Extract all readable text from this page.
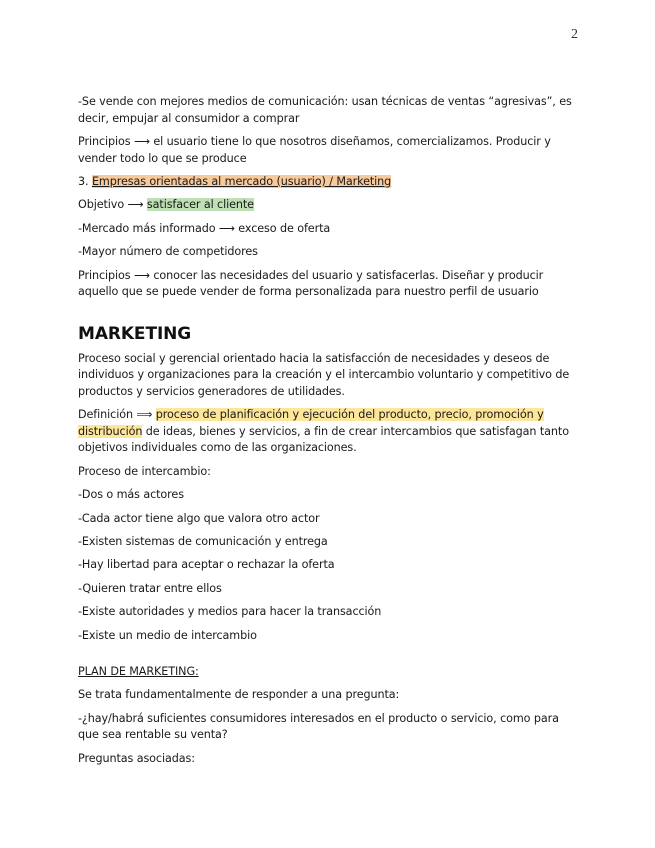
2

-Se vende con mejores medios de comunicación: usan técnicas de ventas “agresivas”, es decir, empujar al consumidor a comprar

Principios ⟶ el usuario tiene lo que nosotros diseñamos, comercializamos. Producir y vender todo lo que se produce

3. Empresas orientadas al mercado (usuario) / Marketing

Objetivo ⟶ satisfacer al cliente

-Mercado más informado ⟶ exceso de oferta

-Mayor número de competidores

Principios ⟶ conocer las necesidades del usuario y satisfacerlas. Diseñar y producir aquello que se puede vender de forma personalizada para nuestro perfil de usuario

MARKETING

Proceso social y gerencial orientado hacia la satisfacción de necesidades y deseos de individuos y organizaciones para la creación y el intercambio voluntario y competitivo de productos y servicios generadores de utilidades.

Definición ⟹ proceso de planificación y ejecución del producto, precio, promoción y distribución de ideas, bienes y servicios, a fin de crear intercambios que satisfagan tanto objetivos individuales como de las organizaciones.

Proceso de intercambio:

-Dos o más actores

-Cada actor tiene algo que valora otro actor

-Existen sistemas de comunicación y entrega

-Hay libertad para aceptar o rechazar la oferta

-Quieren tratar entre ellos

-Existe autoridades y medios para hacer la transacción

-Existe un medio de intercambio

PLAN DE MARKETING:

Se trata fundamentalmente de responder a una pregunta:

-¿hay/habrá suficientes consumidores interesados en el producto o servicio, como para que sea rentable su venta?

Preguntas asociadas:
